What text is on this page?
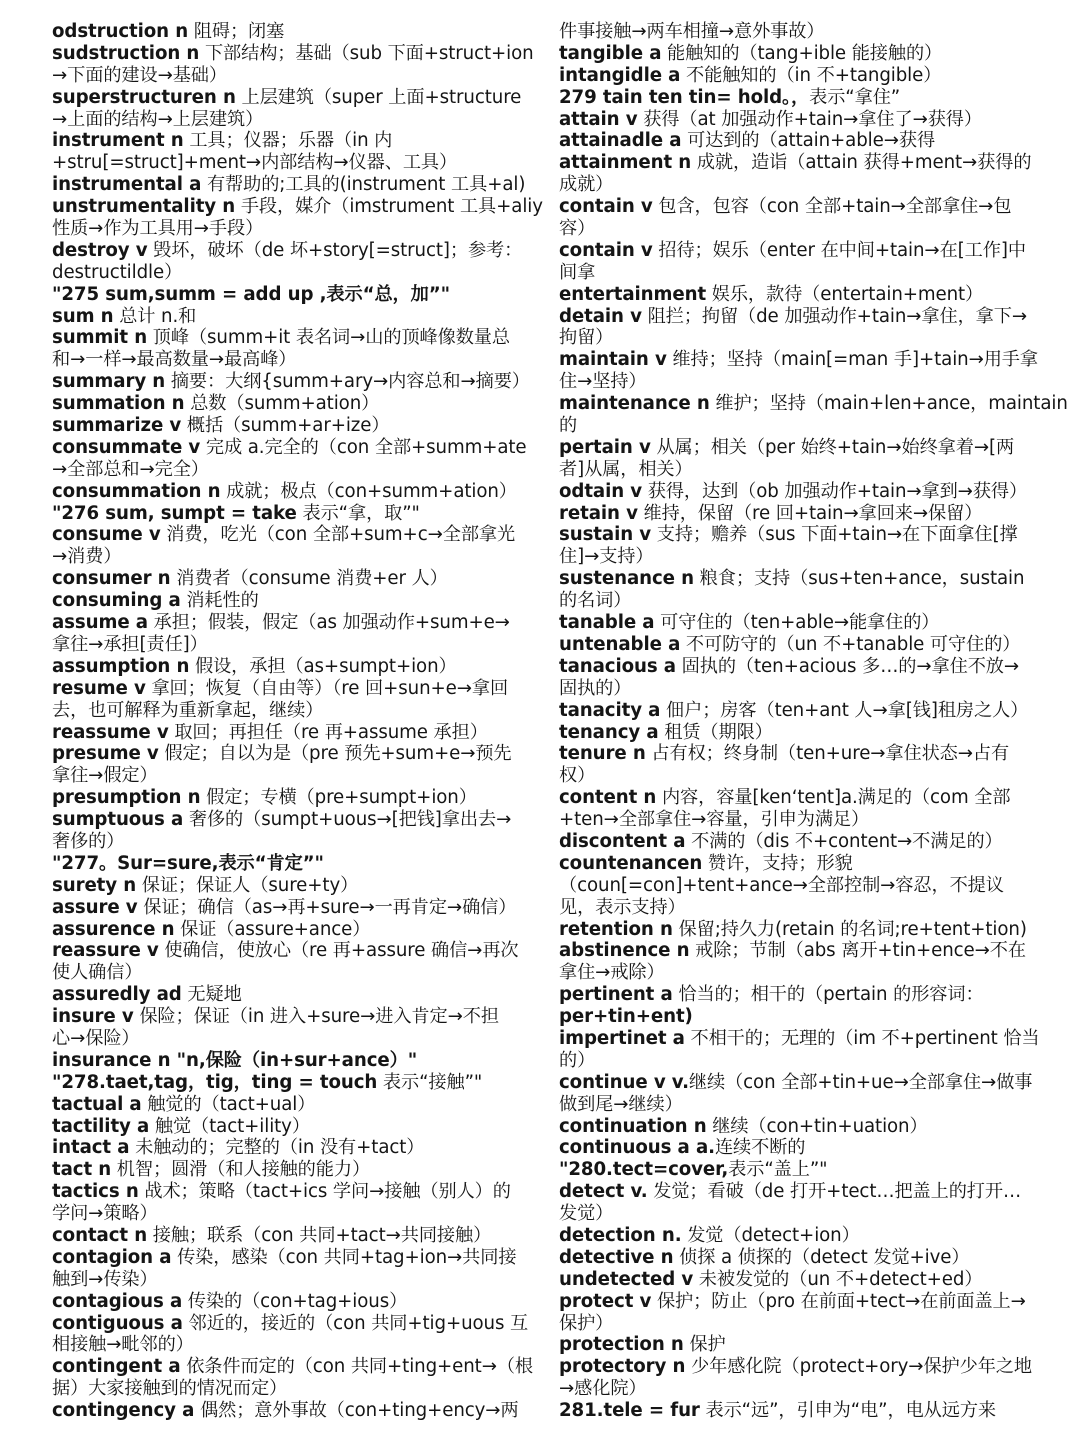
odstruction n 阻碍；闭塞
sudstruction n 下部结构；基础（sub 下面+struct+ion
→下面的建设→基础）
superstructuren n 上层建筑（super 上面+structure
→上面的结构→上层建筑）
instrument n 工具；仪器；乐器（in 内
+stru[=struct]+ment→内部结构→仪器、工具）
instrumental a 有帮助的;工具的(instrument 工具+al)
unstrumentality n 手段，媒介（imstrument 工具+aliy
性质→作为工具用→手段）
destroy v 毁坏，破坏（de 坏+story[=struct]；参考：
destructildle）
"275 sum,summ = add up ,表示“总，加”"
sum n 总计 n.和
summit n 顶峰（summ+it 表名词→山的顶峰像数量总
和→一样→最高数量→最高峰）
summary n 摘要：大纲{summ+ary→内容总和→摘要）
summation n 总数（summ+ation）
summarize v 概括（summ+ar+ize）
consummate v 完成 a.完全的（con 全部+summ+ate
→全部总和→完全）
consummation n 成就；极点（con+summ+ation）
"276 sum, sumpt = take 表示“拿，取”"
consume v 消费，吃光（con 全部+sum+c→全部拿光
→消费）
consumer n 消费者（consume 消费+er 人）
consuming a 消耗性的
assume a 承担；假装，假定（as 加强动作+sum+e→
拿往→承担[责任]）
assumption n 假设，承担（as+sumpt+ion）
resume v 拿回；恢复（自由等）（re 回+sun+e→拿回
去，也可解释为重新拿起，继续）
reassume v 取回；再担任（re 再+assume 承担）
presume v 假定；自以为是（pre 预先+sum+e→预先
拿往→假定）
presumption n 假定；专横（pre+sumpt+ion）
sumptuous a 奢侈的（sumpt+uous→[把钱]拿出去→
奢侈的）
"277。Sur=sure,表示“肯定”"
surety n 保证；保证人（sure+ty）
assure v 保证；确信（as→再+sure→一再肯定→确信）
assurence n 保证（assure+ance）
reassure v 使确信，使放心（re 再+assure 确信→再次
使人确信）
assuredly ad 无疑地
insure v 保险；保证（in 进入+sure→进入肯定→不担
心→保险）
insurance n "n,保险（in+sur+ance）"
"278.taet,tag，tig，ting = touch 表示“接触”"
tactual a 触觉的（tact+ual）
tactility a 触觉（tact+ility）
intact a 未触动的；完整的（in 没有+tact）
tact n 机智；圆滑（和人接触的能力）
tactics n 战术；策略（tact+ics 学问→接触（别人）的
学问→策略）
contact n 接触；联系（con 共同+tact→共同接触）
contagion a 传染，感染（con 共同+tag+ion→共同接
触到→传染）
contagious a 传染的（con+tag+ious）
contiguous a 邻近的，接近的（con 共同+tig+uous 互
相接触→毗邻的）
contingent a 依条件而定的（con 共同+ting+ent→（根
据）大家接触到的情况而定）
contingency a 偶然；意外事故（con+ting+ency→两
件事接触→两车相撞→意外事故）
tangible a 能触知的（tang+ible 能接触的）
intangidle a 不能触知的（in 不+tangible）
279 tain ten tin= hold。，表示“拿住”
attain v 获得（at 加强动作+tain→拿住了→获得）
attainadle a 可达到的（attain+able→获得
attainment n 成就，造诣（attain 获得+ment→获得的
成就）
contain v 包含，包容（con 全部+tain→全部拿住→包
容）
contain v 招待；娱乐（enter 在中间+tain→在[工作]中
间拿
entertainment 娱乐，款待（entertain+ment）
detain v 阻拦；拘留（de 加强动作+tain→拿住，拿下→
拘留）
maintain v 维持；坚持（main[=man 手]+tain→用手拿
住→坚持）
maintenance n 维护；坚持（main+len+ance，maintain
的
pertain v 从属；相关（per 始终+tain→始终拿着→[两
者]从属，相关）
odtain v 获得，达到（ob 加强动作+tain→拿到→获得）
retain v 维持，保留（re 回+tain→拿回来→保留）
sustain v 支持；赡养（sus 下面+tain→在下面拿住[撑
住]→支持）
sustenance n 粮食；支持（sus+ten+ance，sustain
的名词）
tanable a 可守住的（ten+able→能拿住的）
untenable a 不可防守的（un 不+tanable 可守住的）
tanacious a 固执的（ten+acious 多…的→拿住不放→
固执的）
tanacity a 佃户；房客（ten+ant 人→拿[钱]租房之人）
tenancy a 租赁（期限）
tenure n 占有权；终身制（ten+ure→拿住状态→占有
权）
content n 内容，容量[ken‘tent]a.满足的（com 全部
+ten→全部拿住→容量，引申为满足）
discontent a 不满的（dis 不+content→不满足的）
countenancen 赞许，支持；形貌
（coun[=con]+tent+ance→全部控制→容忍，不提议
见，表示支持）
retention n 保留;持久力(retain 的名词;re+tent+tion)
abstinence n 戒除；节制（abs 离开+tin+ence→不在
拿住→戒除）
pertinent a 恰当的；相干的（pertain 的形容词：
per+tin+ent)
impertinet a 不相干的；无理的（im 不+pertinent 恰当
的）
continue v v.继续（con 全部+tin+ue→全部拿住→做事
做到尾→继续）
continuation n 继续（con+tin+uation）
continuous a a.连续不断的
"280.tect=cover,表示“盖上”"
detect v. 发觉；看破（de 打开+tect…把盖上的打开…
发觉）
detection n. 发觉（detect+ion）
detective n 侦探 a 侦探的（detect 发觉+ive）
undetected v 未被发觉的（un 不+detect+ed）
protect v 保护；防止（pro 在前面+tect→在前面盖上→
保护）
protection n 保护
protectory n 少年感化院（protect+ory→保护少年之地
→感化院）
281.tele = fur 表示“远”，引申为“电”，电从远方来
